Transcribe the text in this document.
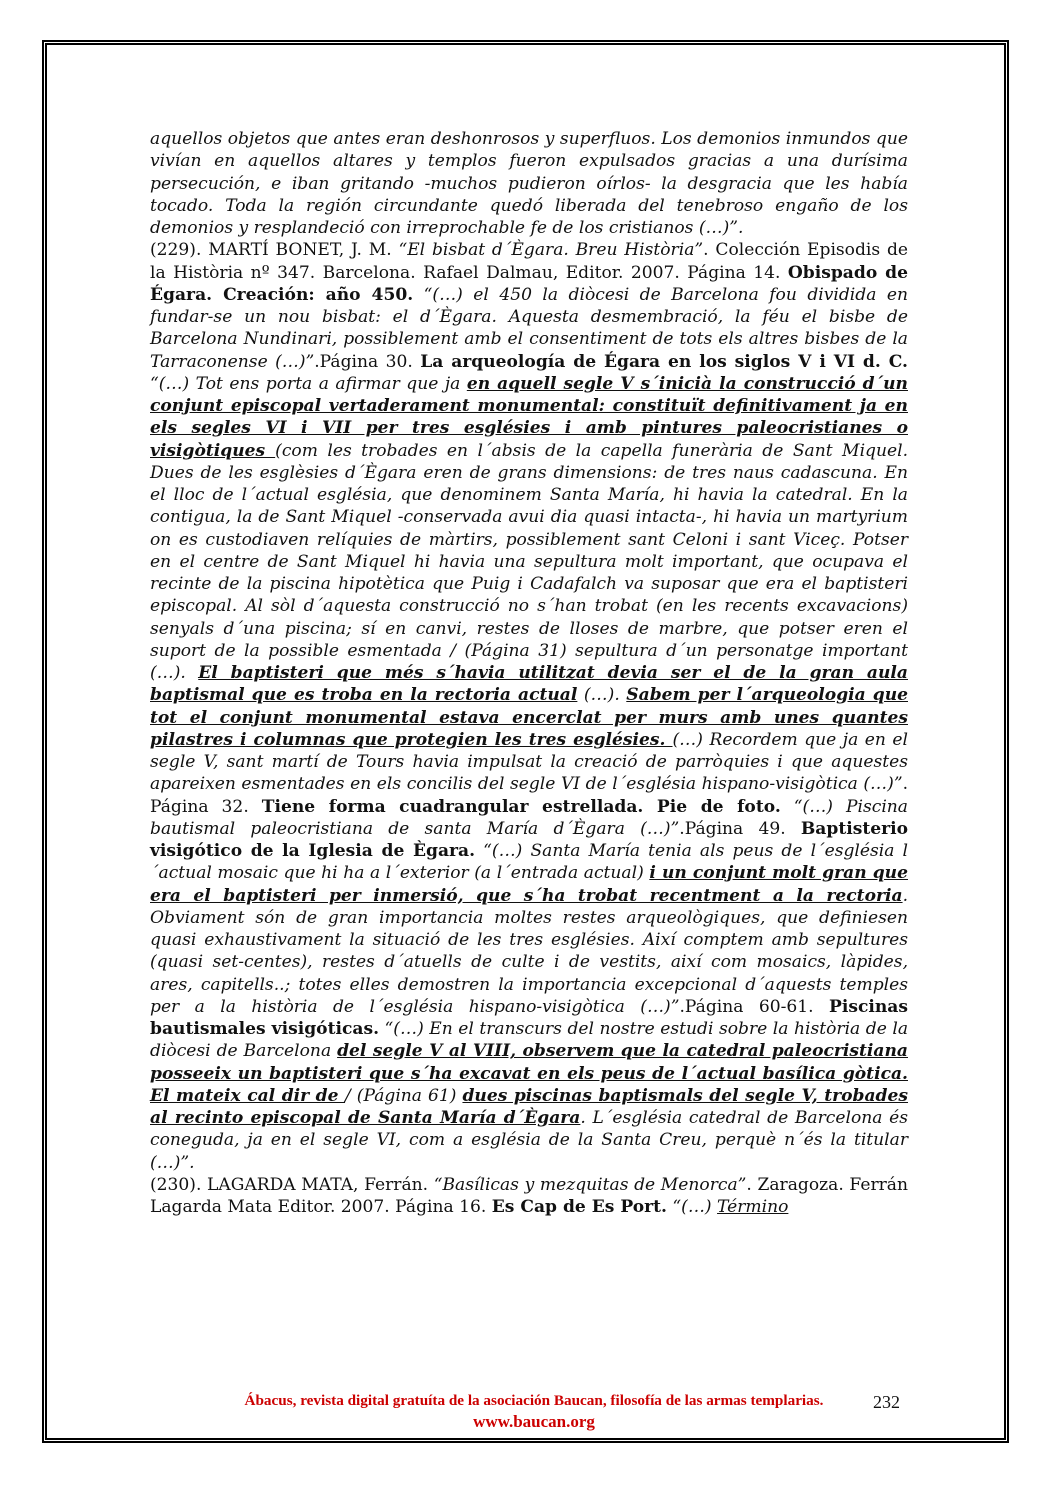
aquellos objetos que antes eran deshonrosos y superfluos. Los demonios inmundos que vivían en aquellos altares y templos fueron expulsados gracias a una durísima persecución, e iban gritando -muchos pudieron oírlos- la desgracia que les había tocado. Toda la región circundante quedó liberada del tenebroso engaño de los demonios y resplandeció con irreprochable fe de los cristianos (…)”.

(229). MARTÍ BONET, J. M. “El bisbat d´Ègara. Breu Història”. Colección Episodis de la Història nº 347. Barcelona. Rafael Dalmau, Editor. 2007. Página 14. Obispado de Égara. Creación: año 450. “(…) el 450 la diòcesi de Barcelona fou dividida en fundar-se un nou bisbat: el d´Ègara. Aquesta desmembració, la féu el bisbe de Barcelona Nundinari, possiblement amb el consentiment de tots els altres bisbes de la Tarraconense (…)”.Página 30. La arqueología de Égara en los siglos V i VI d. C. “(…) Tot ens porta a afirmar que ja en aquell segle V s´inicià la construcció d´un conjunt episcopal vertaderament monumental: constituït definitivament ja en els segles VI i VII per tres esglésies i amb pintures paleocristianes o visigòtiques (com les trobades en l´absis de la capella funerària de Sant Miquel. Dues de les esglèsies d´Ègara eren de grans dimensions: de tres naus cadascuna. En el lloc de l´actual església, que denominem Santa María, hi havia la catedral. En la contigua, la de Sant Miquel -conservada avui dia quasi intacta-, hi havia un martyrium on es custodiaven relíquies de màrtirs, possiblement sant Celoni i sant Viceç. Potser en el centre de Sant Miquel hi havia una sepultura molt important, que ocupava el recinte de la piscina hipotètica que Puig i Cadafalch va suposar que era el baptisteri episcopal. Al sòl d´aquesta construcció no s´han trobat (en les recents excavacions) senyals d´una piscina; sí en canvi, restes de lloses de marbre, que potser eren el suport de la possible esmentada / (Página 31) sepultura d´un personatge important (…). El baptisteri que més s´havia utilitzat devia ser el de la gran aula baptismal que es troba en la rectoria actual (…). Sabem per l´arqueologia que tot el conjunt monumental estava encerclat per murs amb unes quantes pilastres i columnas que protegien les tres esglésies. (…) Recordem que ja en el segle V, sant martí de Tours havia impulsat la creació de parròquies i que aquestes apareixen esmentades en els concilis del segle VI de l´església hispano-visigòtica (…)”. Página 32. Tiene forma cuadrangular estrellada. Pie de foto. “(…) Piscina bautismal paleocristiana de santa María d´Ègara (…)”.Página 49. Baptisterio visigótico de la Iglesia de Ègara. “(…) Santa María tenia als peus de l´església l´actual mosaic que hi ha a l´exterior (a l´entrada actual) i un conjunt molt gran que era el baptisteri per inmersió, que s´ha trobat recentment a la rectoria. Obviament són de gran importancia moltes restes arqueològiques, que definiesen quasi exhaustivament la situació de les tres esglésies. Així comptem amb sepultures (quasi set-centes), restes d´atuells de culte i de vestits, així com mosaics, làpides, ares, capitells..; totes elles demostren la importancia excepcional d´aquests temples per a la història de l´església hispano-visigòtica (…)”.Página 60-61. Piscinas bautismales visigóticas. “(…) En el transcurs del nostre estudi sobre la història de la diòcesi de Barcelona del segle V al VIII, observem que la catedral paleocristiana posseeix un baptisteri que s´ha excavat en els peus de l´actual basílica gòtica. El mateix cal dir de / (Página 61) dues piscinas baptismals del segle V, trobades al recinto episcopal de Santa María d´Ègara. L´església catedral de Barcelona és coneguda, ja en el segle VI, com a església de la Santa Creu, perquè n´és la titular (…)”.

(230). LAGARDA MATA, Ferrán. “Basílicas y mezquitas de Menorca”. Zaragoza. Ferrán Lagarda Mata Editor. 2007. Página 16. Es Cap de Es Port. “(…) Término

Ábacus, revista digital gratuíta de la asociación Baucan, filosofía de las armas templarias.
www.baucan.org
232
